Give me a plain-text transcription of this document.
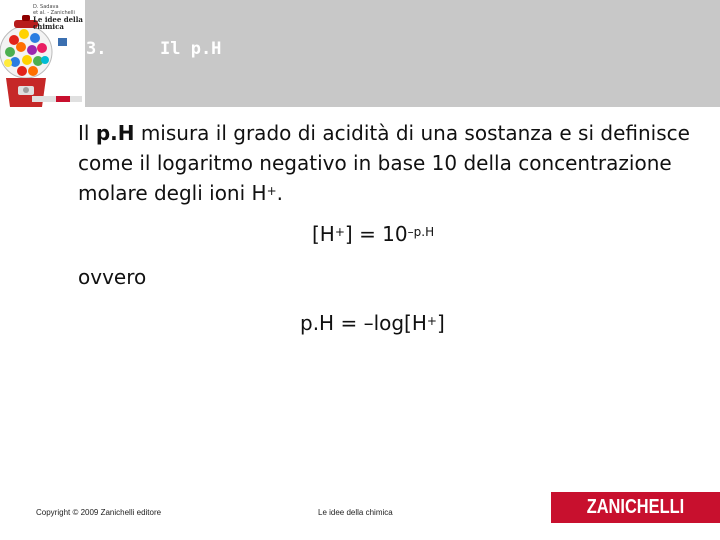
D. Sadava
et al. - Zanichelli
Le idee della
chimica
3.	Il p.H

Il p.H misura il grado di acidità di una sostanza e si definisce come il logaritmo negativo in base 10 della concentrazione molare degli ioni H+.

$[H^+] = 10^{-p.H}$
ovvero
p.H = –log[H+]
Copyright © 2009 Zanichelli editore	Le idee della chimica	ZANICHELLI
